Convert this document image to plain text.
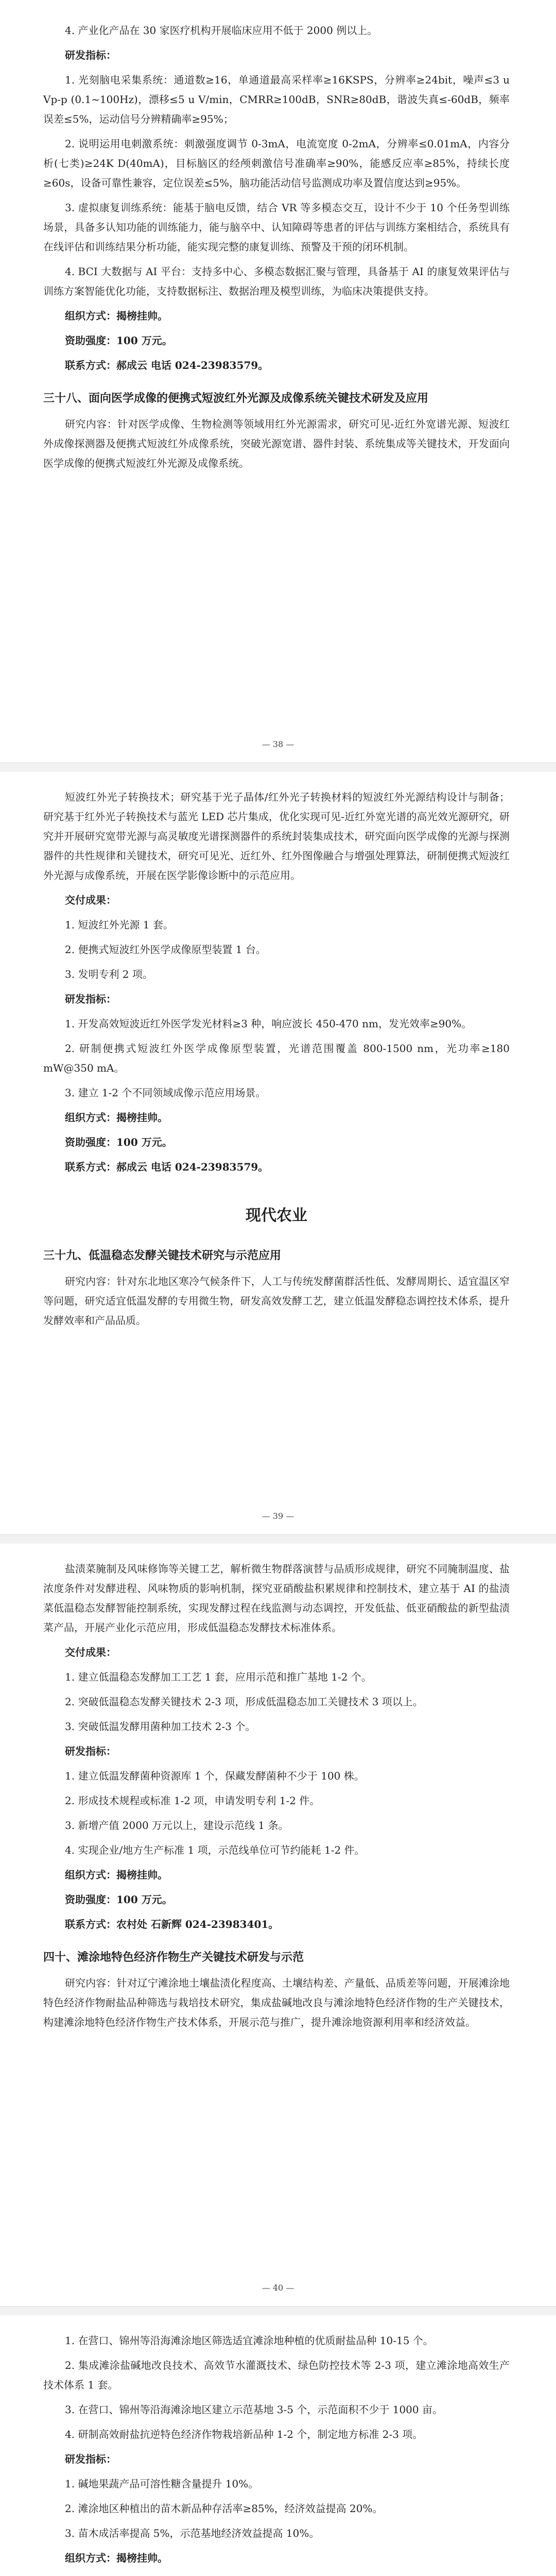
4. 产业化产品在 30 家医疗机构开展临床应用不低于 2000 例以上。

研发指标：

1. 光刻脑电采集系统：通道数≥16，单通道最高采样率≥16KSPS，分辨率≥24bit，噪声≤3 u Vp-p (0.1~100Hz)，漂移≤5 u V/min，CMRR≥100dB，SNR≥80dB，谐波失真≤-60dB，频率误差≤5%，运动信号分辨精确率≥95%；

2. 说明运用电刺激系统：刺激强度调节 0-3mA，电流宽度 0-2mA，分辨率≤0.01mA，内容分析(七类)≥24K D(40mA)，目标脑区的经颅刺激信号准确率≥90%，能感反应率≥85%，持续长度≥60s，设备可靠性兼容，定位误差≤5%，脑功能活动信号监测成功率及置信度达到≥95%。

3. 虚拟康复训练系统：能基于脑电反馈，结合 VR 等多模态交互，设计不少于 10 个任务型训练场景，具备多认知功能的训练能力，能与脑卒中、认知障碍等患者的评估与训练方案相结合，系统具有在线评估和训练结果分析功能，能实现完整的康复训练、预警及干预的闭环机制。

4. BCI 大数据与 AI 平台：支持多中心、多模态数据汇聚与管理，具备基于 AI 的康复效果评估与训练方案智能优化功能，支持数据标注、数据治理及模型训练，为临床决策提供支持。

组织方式：揭榜挂帅。

资助强度：100 万元。

联系方式：郝成云 电话 024-23983579。

三十八、面向医学成像的便携式短波红外光源及成像系统关键技术研发及应用

研究内容：针对医学成像、生物检测等领域用红外光源需求，研究可见-近红外宽谱光源、短波红外成像探测器及便携式短波红外成像系统，突破光源宽谱、器件封装、系统集成等关键技术，开发面向医学成像的便携式短波红外光源及成像系统。

— 38 —

短波红外光子转换技术；研究基于光子晶体/红外光子转换材料的短波红外光源结构设计与制备；研究基于红外光子转换技术与蓝光 LED 芯片集成，优化实现可见-近红外宽光谱的高光效光源研究，研究并开展研究宽带光源与高灵敏度光谱探测器件的系统封装集成技术，研究面向医学成像的光源与探测器件的共性规律和关键技术，研究可见光、近红外、红外图像融合与增强处理算法，研制便携式短波红外光源与成像系统，开展在医学影像诊断中的示范应用。

交付成果：

1. 短波红外光源 1 套。

2. 便携式短波红外医学成像原型装置 1 台。

3. 发明专利 2 项。

研发指标：

1. 开发高效短波近红外医学发光材料≥3 种，响应波长 450-470 nm，发光效率≥90%。

2. 研制便携式短波红外医学成像原型装置，光谱范围覆盖 800-1500 nm，光功率≥180 mW@350 mA。

3. 建立 1-2 个不同领域成像示范应用场景。

组织方式：揭榜挂帅。

资助强度：100 万元。

联系方式：郝成云 电话 024-23983579。

现代农业
三十九、低温稳态发酵关键技术研究与示范应用

研究内容：针对东北地区寒冷气候条件下，人工与传统发酵菌群活性低、发酵周期长、适宜温区窄等问题，研究适宜低温发酵的专用微生物，研发高效发酵工艺，建立低温发酵稳态调控技术体系，提升发酵效率和产品品质。

— 39 —

盐渍菜腌制及风味修饰等关键工艺，解析微生物群落演替与品质形成规律，研究不同腌制温度、盐浓度条件对发酵进程、风味物质的影响机制，探究亚硝酸盐积累规律和控制技术，建立基于 AI 的盐渍菜低温稳态发酵智能控制系统，实现发酵过程在线监测与动态调控，开发低盐、低亚硝酸盐的新型盐渍菜产品，开展产业化示范应用，形成低温稳态发酵技术标准体系。

交付成果：

1. 建立低温稳态发酵加工工艺 1 套，应用示范和推广基地 1-2 个。

2. 突破低温稳态发酵关键技术 2-3 项，形成低温稳态加工关键技术 3 项以上。

3. 突破低温发酵用菌种加工技术 2-3 个。

研发指标：

1. 建立低温发酵菌种资源库 1 个，保藏发酵菌种不少于 100 株。

2. 形成技术规程或标准 1-2 项，申请发明专利 1-2 件。

3. 新增产值 2000 万元以上，建设示范线 1 条。

4. 实现企业/地方生产标准 1 项，示范线单位可节约能耗 1-2 件。

组织方式：揭榜挂帅。

资助强度：100 万元。

联系方式：农村处 石新辉 024-23983401。

四十、滩涂地特色经济作物生产关键技术研发与示范

研究内容：针对辽宁滩涂地土壤盐渍化程度高、土壤结构差、产量低、品质差等问题，开展滩涂地特色经济作物耐盐品种筛选与栽培技术研究，集成盐碱地改良与滩涂地特色经济作物的生产关键技术，构建滩涂地特色经济作物生产技术体系，开展示范与推广，提升滩涂地资源利用率和经济效益。

— 40 —

1. 在营口、锦州等沿海滩涂地区筛选适宜滩涂地种植的优质耐盐品种 10-15 个。

2. 集成滩涂盐碱地改良技术、高效节水灌溉技术、绿色防控技术等 2-3 项，建立滩涂地高效生产技术体系 1 套。

3. 在营口、锦州等沿海滩涂地区建立示范基地 3-5 个，示范面积不少于 1000 亩。

4. 研制高效耐盐抗逆特色经济作物栽培新品种 1-2 个，制定地方标准 2-3 项。

研发指标：

1. 碱地果蔬产品可溶性糖含量提升 10%。

2. 滩涂地区种植出的苗木新品种存活率≥85%，经济效益提高 20%。

3. 苗木成活率提高 5%，示范基地经济效益提高 10%。

组织方式：揭榜挂帅。
